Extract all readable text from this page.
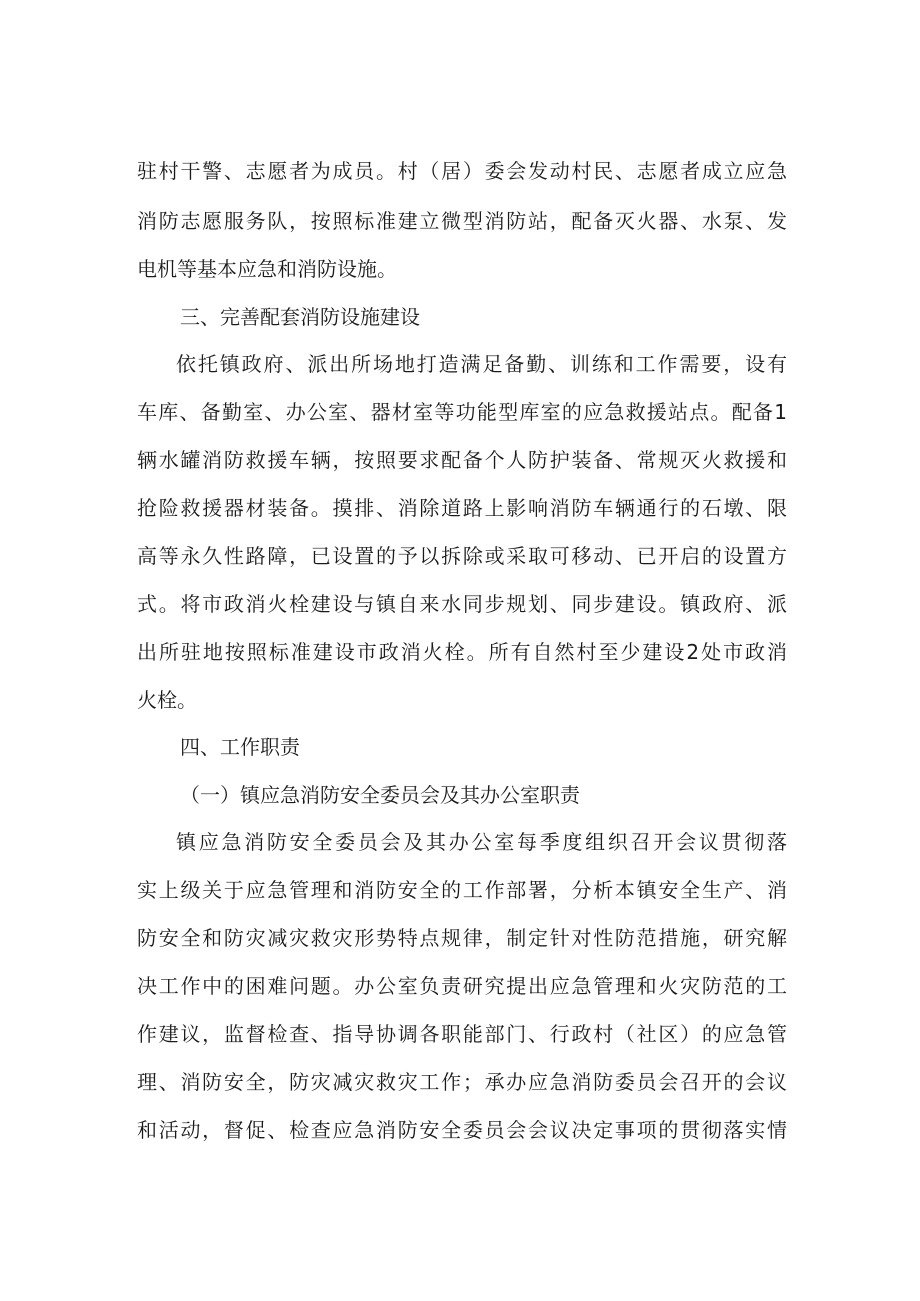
驻村干警、志愿者为成员。村（居）委会发动村民、志愿者成立应急

消防志愿服务队，按照标准建立微型消防站，配备灭火器、水泵、发

电机等基本应急和消防设施。

三、完善配套消防设施建设

依托镇政府、派出所场地打造满足备勤、训练和工作需要，设有

车库、备勤室、办公室、器材室等功能型库室的应急救援站点。配备1

辆水罐消防救援车辆，按照要求配备个人防护装备、常规灭火救援和

抢险救援器材装备。摸排、消除道路上影响消防车辆通行的石墩、限

高等永久性路障，已设置的予以拆除或采取可移动、已开启的设置方

式。将市政消火栓建设与镇自来水同步规划、同步建设。镇政府、派

出所驻地按照标准建设市政消火栓。所有自然村至少建设2处市政消

火栓。

四、工作职责

（一）镇应急消防安全委员会及其办公室职责

镇应急消防安全委员会及其办公室每季度组织召开会议贯彻落

实上级关于应急管理和消防安全的工作部署，分析本镇安全生产、消

防安全和防灾减灾救灾形势特点规律，制定针对性防范措施，研究解

决工作中的困难问题。办公室负责研究提出应急管理和火灾防范的工

作建议，监督检查、指导协调各职能部门、行政村（社区）的应急管

理、消防安全，防灾减灾救灾工作；承办应急消防委员会召开的会议

和活动，督促、检查应急消防安全委员会会议决定事项的贯彻落实情
